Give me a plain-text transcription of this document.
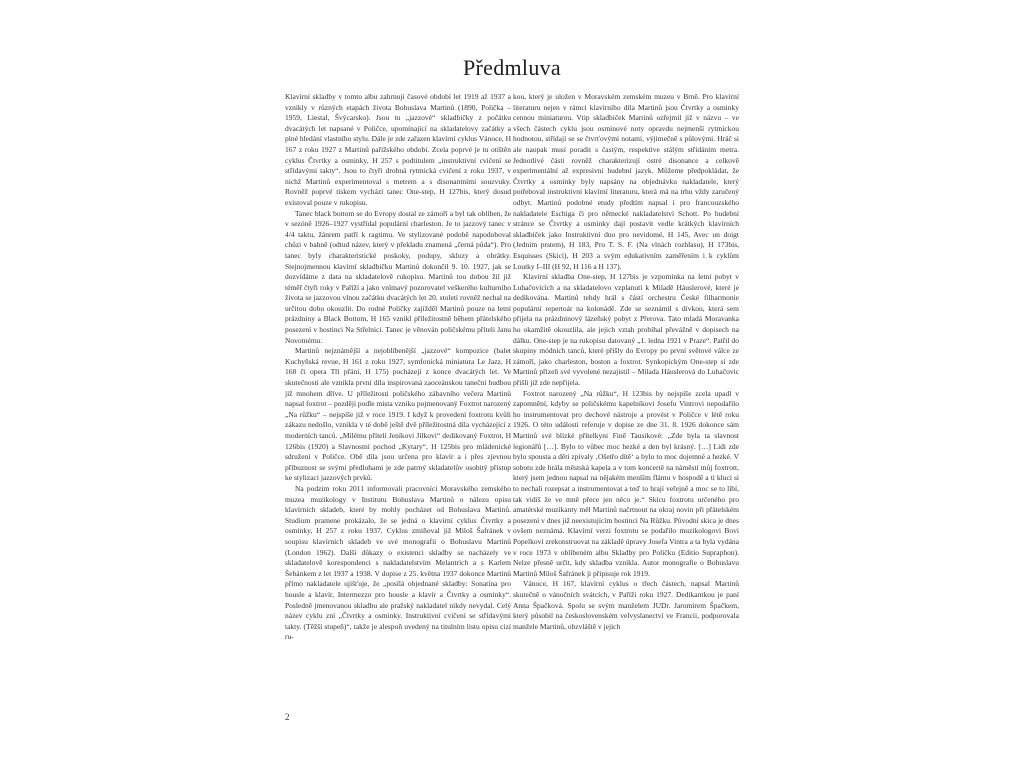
Předmluva

Klavírní skladby v tomto albu zahrnují časové období let 1919 až 1937 a vznikly v různých etapách života Bohuslava Martinů (1890, Polička – 1959, Liestal, Švýcarsko). Jsou tu „jazzové“ skladbičky z počátku dvacátých let napsané v Poličce, upomínající na skladatelovy začátky a plné hledání vlastního stylu. Dále je zde zařazen klavírní cyklus Vánoce, H 167 z roku 1927 z Martinů pařížského období. Zcela poprvé je tu otištěn cyklus Čtvrtky a osminky, H 257 s podtitulem „instruktivní cvičení se střídavými takty“. Jsou to čtyři drobná rytmická cvičení z roku 1937, v nichž Martinů experimentoval s metrem a s disonantními souzvuky. Rovněž poprvé tiskem vychází tanec One-step, H 127bis, který dosud existoval pouze v rukopisu.

Tanec black bottom se do Evropy dostal ze zámoří a byl tak oblíben, že v sezóně 1926–1927 vystřídal populární charleston. Je to jazzový tanec v 4/4 taktu, žánrem patří k ragtimu. Ve stylizované podobě napodoboval chůzi v bahně (odtud název, který v překladu znamená „černá půda“). Pro tanec byly charakteristické poskoky, podupy, skluzy a obrátky. Stejnojmennou klavírní skladbičku Martinů dokončil 9. 10. 1927, jak se dozvídáme z data na skladatelově rukopisu. Martinů tou dobou žil již téměř čtyři roky v Paříži a jako vnímavý pozorovatel veškerého kulturního života se jazzovou vlnou začátku dvacátých let 20. století rovněž nechal na určitou dobu okouzlit. Do rodné Poličky zajížděl Martinů pouze na letní prázdniny a Black Bottom, H 165 vznikl příležitostně během přátelského posezení v hostinci Na Střelnici. Tanec je věnován poličskému příteli Janu Novotnému.

Martinů nejznámější a nejoblíbenější „jazzové“ kompozice (balet Kuchyňská revue, H 161 z roku 1927, symfonická miniatura Le Jazz, H 168 či opera Tři přání, H 175) pocházejí z konce dvacátých let. Ve skutečnosti ale vznikla první díla inspirovaná zaoceánskou taneční hudbou již mnohem dříve. U příležitosti poličského zábavního večera Martinů napsal foxtrot – později podle místa vzniku pojmenovaný Foxtrot narozený „Na růžku“ – nejspíše již v roce 1919. I když k provedení foxtrotu kvůli zákazu nedošlo, vznikla v té době ještě dvě příležitostná díla vycházející z moderních tanců. „Milému příteli Jeníkovi Jílkovi“ dedikovaný Foxtrot, H 126bis (1920) a Slavnostní pochod „Kytary“, H 125bis pro mládenické sdružení v Poličce. Obě díla jsou určena pro klavír a i přes zjevnou příbuznost se svými předlohami je zde patrný skladatelův osobitý přístup ke stylizaci jazzových prvků.

Na podzim roku 2011 informovali pracovníci Moravského zemského muzea muzikology v Institutu Bohuslava Martinů o nálezu opisu klavírních skladeb, které by mohly pocházet od Bohuslava Martinů. Studium pramene prokázalo, že se jedná o klavírní cyklus Čtvrtky a osminky, H 257 z roku 1937. Cyklus zmiňoval již Miloš Šafránek v soupisu klavírních skladeb ve své monografii o Bohuslavu Martinů (London 1962). Další důkazy o existenci skladby se nacházely ve skladatelově korespondenci s nakladatelstvím Melantrich a s Karlem Šebánkem z let 1937 a 1938. V dopise z 25. května 1937 dokonce Martinů přímo nakladatele ujišťuje, že „posílá objednané skladby: Sonatina pro housle a klavír, Intermezzo pro housle a klavír a Čtvrtky a osminky“. Posledně jmenovanou skladbu ale pražský nakladatel nikdy nevydal. Celý název cyklu zní „Čtvrtky a osminky. Instruktivní cvičení se střídavými takty. (Těžší stupeň)“, takže je alespoň uvedený na titulním listu opisu cizí ru-

kou, který je uložen v Moravském zemském muzeu v Brně. Pro klavírní literaturu nejen v rámci klavírního díla Martinů jsou Čtvrtky a osminky cennou miniaturou. Vtip skladbiček Martinů ozřejmil již v názvu – ve všech částech cyklu jsou osminové noty opravdu nejmenší rytmickou hodnotou, střídají se se čtvrťovými notami, výjimečně s půlovými. Hráč si ale naopak musí poradit s častým, respektive stálým střídáním metra. Jednotlivé části rovněž charakterizují ostré disonance a celkově experimentální až expresivní hudební jazyk. Můžeme předpokládat, že Čtvrtky a osminky byly napsány na objednávku nakladatele, který potřeboval instruktivní klavírní literaturu, která má na trhu vždy zaručený odbyt. Martinů podobné etudy předtím napsal i pro francouzského nakladatele Eschiga či pro německé nakladatelství Schott. Po hudební stránce se Čtvrtky a osminky dají postavit vedle krátkých klavírních skladbiček jako Instruktivní duo pro nevidomé, H 145, Avec un doigt (Jedním prstem), H 183, Pro T. S. F. (Na vlnách rozhlasu), H 173bis, Esquisses (Skici), H 203 a svým edukativním zaměřením i k cyklům Loutky I–III (H 92, H 116 a H 137).

Klavírní skladba One-step, H 127bis je vzpomínka na letní pobyt v Luhačovicích a na skladatelovo vzplanutí k Miladě Háuslerové, které je dedikována. Martinů tehdy hrál s částí orchestru České filharmonie populární repertoár na kolonádě. Zde se seznámil s dívkou, která sem přijela na prázdninový lázeňský pobyt z Přerova. Tato mladá Moravanka ho okamžitě okouzlila, ale jejich vztah probíhal převážně v dopisech na dálku. One-step je na rukopisu datovaný „1. ledna 1921 v Praze“. Patřil do skupiny módních tanců, které přišly do Evropy po první světové válce ze zámoří, jako charleston, boston a foxtrot. Synkopickým One-step si zde Martinů přizeň své vyvolené nezajistil – Milada Háuslerová do Luhačovic přišli již zde nepřijela.

Foxtrot narozený „Na růžku“, H 123bis by nejspíše zcela upadl v zapomnění, kdyby se poličskému kapelníkovi Josefu Vintrovi nepodařilo ho instrumentovat pro dechové nástroje a provést v Poličce v létě roku 1926. O této události referuje v dopise ze dne 31. 8. 1926 dokonce sám Martinů své blízké přítelkyni Fině Tausikové: „Zde byla ta slavnost legionářů […]. Bylo to vůbec moc hezké a den byl krásný. […] Lidi zde bylo spousta a děti zpívaly ‚Ošetřo dítě‘ a bylo to moc dojemné a hezké. V sobotu zde hrála městská kapela a v tom koncertě na náměstí můj foxtrott, který jsem jednou napsal na nějakém menším flámu v hospodě a ti kluci si to nechali rozepsat a instrumentovat a teď to hrají veřejně a moc se to líbí, tak vidíš že ve mně přece jen něco je.“ Skicu foxtrotu určeného pro amatérské muzikanty měl Martinů načrtnout na okraj novin při přátelském posezení v dnes již neexistujícím hostinci Na Růžku. Původní skica je dnes ovšem neznámá. Klavírní verzi foxtrotu se podařilo muzikologovi Bovi Popelkovi zrekonstruovat na základě úpravy Josefa Vintra a ta byla vydána v roce 1973 v oblíbeném albu Skladby pro Poličku (Editio Supraphon). Nelze přesně určit, kdy skladba vznikla. Autor monografie o Bohuslavu Martinů Miloš Šafránek ji připisuje rok 1919.

Vánoce, H 167, klavírní cyklus o třech částech, napsal Martinů skutečně o vánočních svátcích, v Paříži roku 1927. Dedikantkou je paní Anna Špačková. Spolu se svým manželem JUDr. Jaromírem Špačkem, který působil na československém velvyslanectví ve Francii, podporovala manžele Martinů, obzvláště v jejich

2
